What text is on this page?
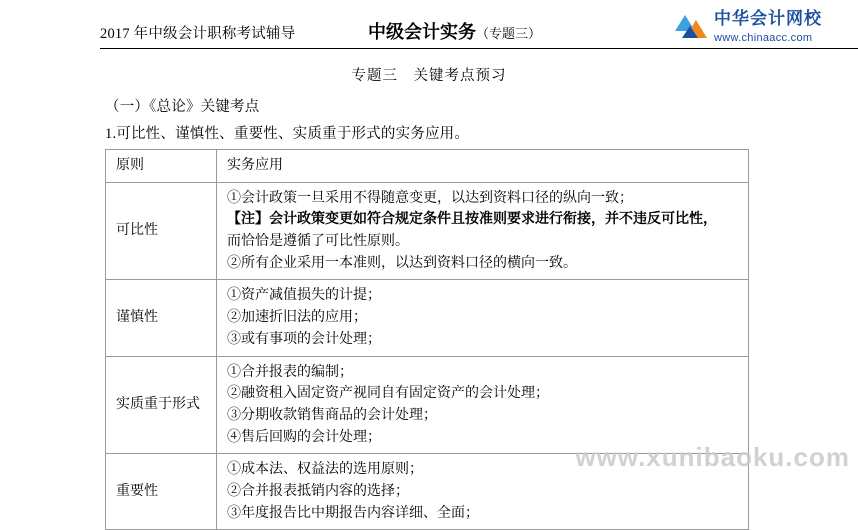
2017 年中级会计职称考试辅导	中级会计实务（专题三）
中华会计网校
www.chinaacc.com
专题三　关键考点预习
（一）《总论》关键考点
1.可比性、谨慎性、重要性、实质重于形式的实务应用。
原则	实务应用
可比性	①会计政策一旦采用不得随意变更，以达到资料口径的纵向一致；
【注】会计政策变更如符合规定条件且按准则要求进行衔接，并不违反可比性，
而恰恰是遵循了可比性原则。
②所有企业采用一本准则，以达到资料口径的横向一致。

谨慎性	①资产减值损失的计提；
②加速折旧法的应用；
③或有事项的会计处理；

实质重于形式	①合并报表的编制；
②融资租入固定资产视同自有固定资产的会计处理；
③分期收款销售商品的会计处理；
④售后回购的会计处理；

重要性	①成本法、权益法的选用原则；
②合并报表抵销内容的选择；
③年度报告比中期报告内容详细、全面；
www.xunibaoku.com
